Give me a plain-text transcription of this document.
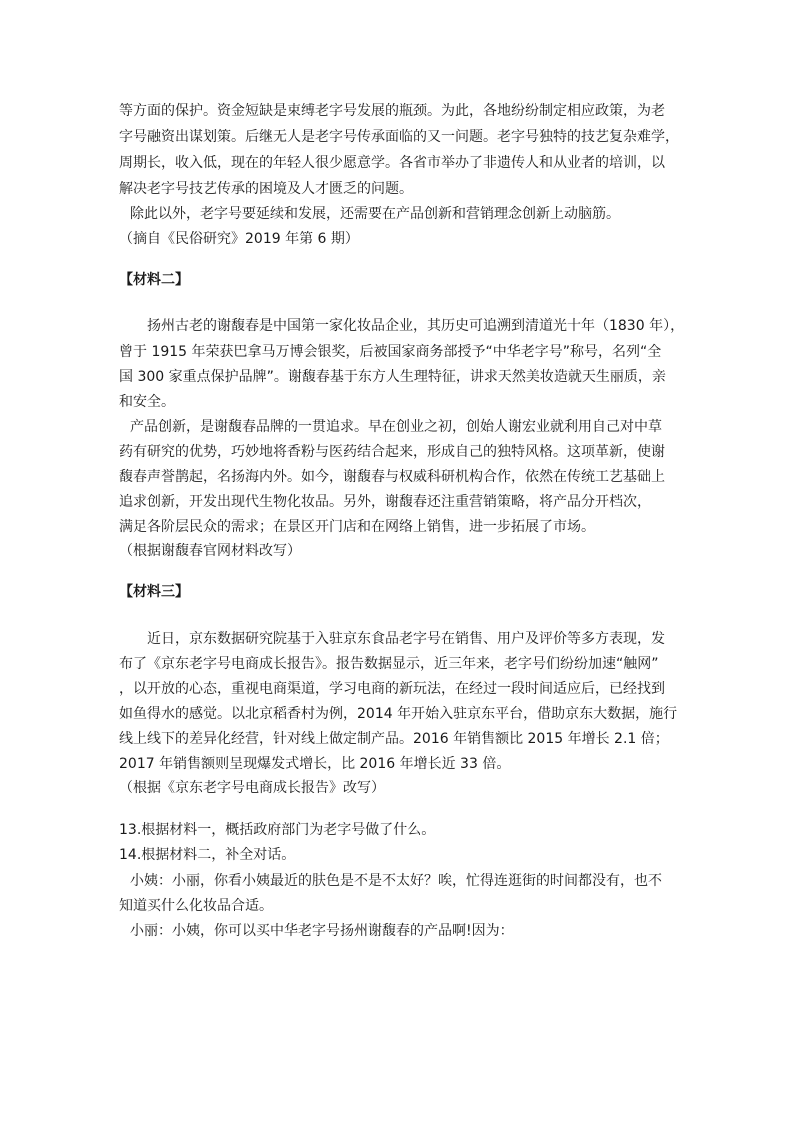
等方面的保护。资金短缺是束缚老字号发展的瓶颈。为此，各地纷纷制定相应政策，为老
字号融资出谋划策。后继无人是老字号传承面临的又一问题。老字号独特的技艺复杂难学，
周期长，收入低，现在的年轻人很少愿意学。各省市举办了非遗传人和从业者的培训，以
解决老字号技艺传承的困境及人才匮乏的问题。
除此以外，老字号要延续和发展，还需要在产品创新和营销理念创新上动脑筋。
（摘自《民俗研究》2019 年第 6 期）
【材料二】
扬州古老的谢馥春是中国第一家化妆品企业，其历史可追溯到清道光十年（1830 年），
曾于 1915 年荣获巴拿马万博会银奖，后被国家商务部授予“中华老字号”称号，名列“全
国 300 家重点保护品牌”。谢馥春基于东方人生理特征，讲求天然美妆造就天生丽质，亲
和安全。
产品创新，是谢馥春品牌的一贯追求。早在创业之初，创始人谢宏业就利用自己对中草
药有研究的优势，巧妙地将香粉与医药结合起来，形成自己的独特风格。这项革新，使谢
馥春声誉鹊起，名扬海内外。如今，谢馥春与权威科研机构合作，依然在传统工艺基础上
追求创新，开发出现代生物化妆品。另外，谢馥春还注重营销策略，将产品分开档次，
满足各阶层民众的需求；在景区开门店和在网络上销售，进一步拓展了市场。
（根据谢馥春官网材料改写）
【材料三】
近日，京东数据研究院基于入驻京东食品老字号在销售、用户及评价等多方表现，发
布了《京东老字号电商成长报告》。报告数据显示，近三年来，老字号们纷纷加速“触网”
，以开放的心态，重视电商渠道，学习电商的新玩法，在经过一段时间适应后，已经找到
如鱼得水的感觉。以北京稻香村为例，2014 年开始入驻京东平台，借助京东大数据，施行
线上线下的差异化经营，针对线上做定制产品。2016 年销售额比 2015 年增长 2.1 倍；
2017 年销售额则呈现爆发式增长，比 2016 年增长近 33 倍。
（根据《京东老字号电商成长报告》改写）
13.根据材料一，概括政府部门为老字号做了什么。
14.根据材料二，补全对话。
小姨：小丽，你看小姨最近的肤色是不是不太好？唉，忙得连逛街的时间都没有，也不
知道买什么化妆品合适。
小丽：小姨，你可以买中华老字号扬州谢馥春的产品啊!因为：
